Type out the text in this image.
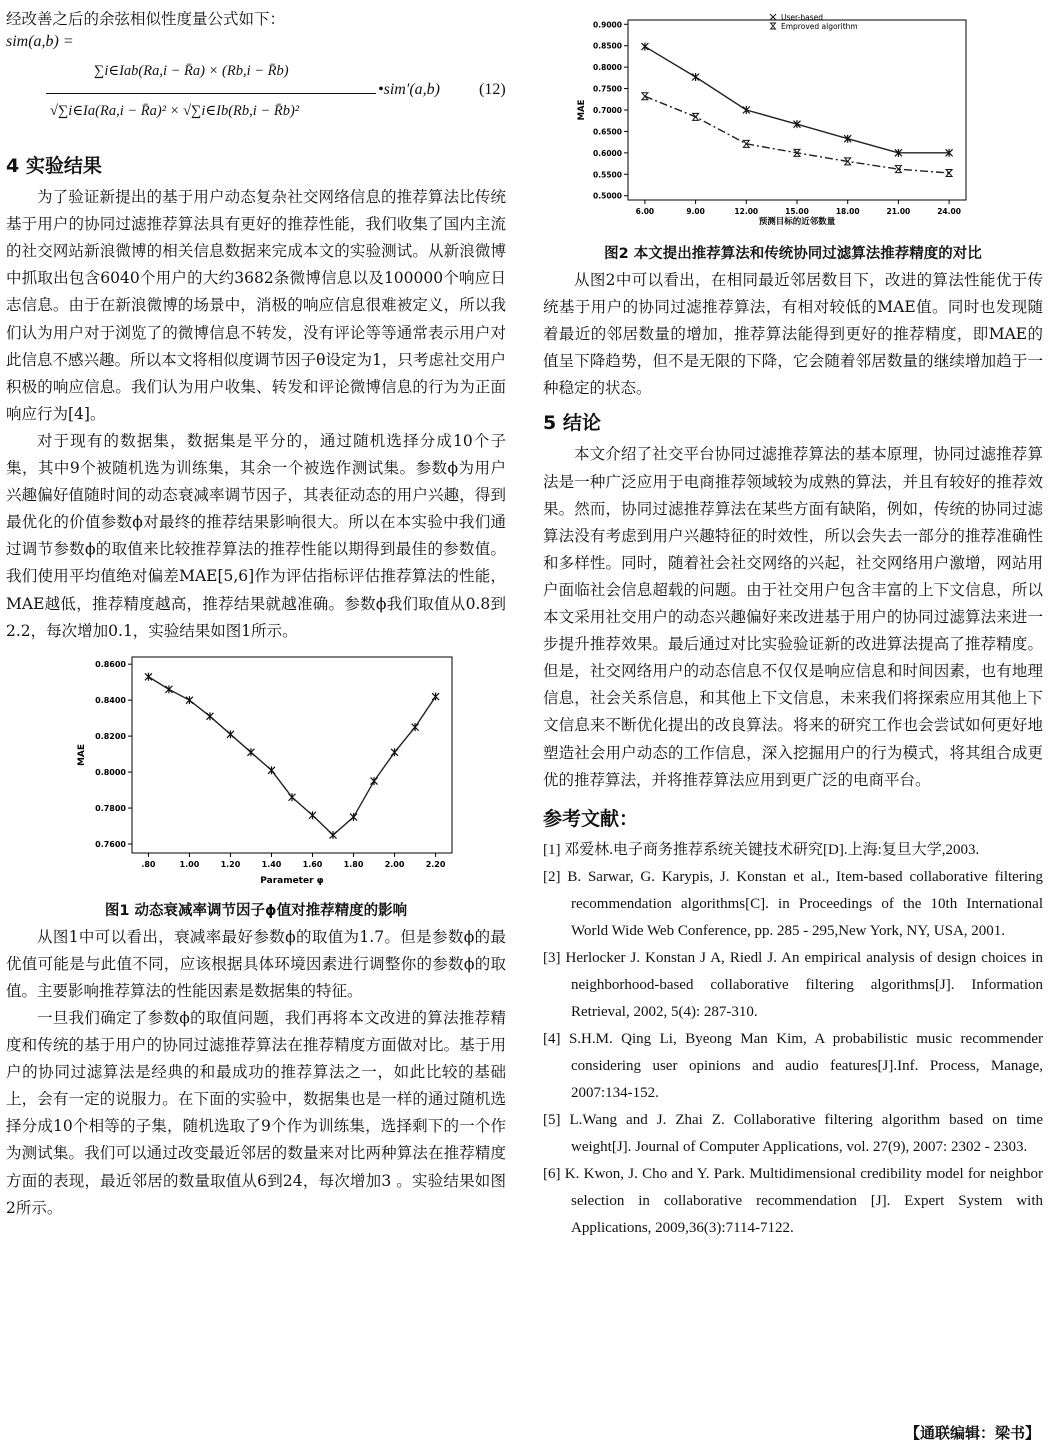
经改善之后的余弦相似性度量公式如下：

sim(a,b) =
∑i∈Iab(Ra,i − R̄a) × (Rb,i − R̄b)
√∑i∈Ia(Ra,i − R̄a)² × √∑i∈Ib(Rb,i − R̄b)²
•sim′(a,b) (12)
4 实验结果

为了验证新提出的基于用户动态复杂社交网络信息的推荐算法比传统基于用户的协同过滤推荐算法具有更好的推荐性能，我们收集了国内主流的社交网站新浪微博的相关信息数据来完成本文的实验测试。从新浪微博中抓取出包含6040个用户的大约3682条微博信息以及100000个响应日志信息。由于在新浪微博的场景中，消极的响应信息很难被定义，所以我们认为用户对于浏览了的微博信息不转发，没有评论等等通常表示用户对此信息不感兴趣。所以本文将相似度调节因子θ设定为1，只考虑社交用户积极的响应信息。我们认为用户收集、转发和评论微博信息的行为为正面响应行为[4]。

对于现有的数据集，数据集是平分的，通过随机选择分成10个子集，其中9个被随机选为训练集，其余一个被选作测试集。参数ϕ为用户兴趣偏好值随时间的动态衰减率调节因子，其表征动态的用户兴趣，得到最优化的价值参数ϕ对最终的推荐结果影响很大。所以在本实验中我们通过调节参数ϕ的取值来比较推荐算法的推荐性能以期得到最佳的参数值。我们使用平均值绝对偏差MAE[5,6]作为评估指标评估推荐算法的性能，MAE越低，推荐精度越高，推荐结果就越准确。参数ϕ我们取值从0.8到2.2，每次增加0.1，实验结果如图1所示。

.80	1.00	1.20	1.40	1.60	1.80	2.00	2.20
0.7600
0.7800
0.8000
0.8200
0.8400
0.8600
Parameter φ
MAE
图1 动态衰减率调节因子ϕ值对推荐精度的影响

从图1中可以看出，衰减率最好参数ϕ的取值为1.7。但是参数ϕ的最优值可能是与此值不同，应该根据具体环境因素进行调整你的参数ϕ的取值。主要影响推荐算法的性能因素是数据集的特征。

一旦我们确定了参数ϕ的取值问题，我们再将本文改进的算法推荐精度和传统的基于用户的协同过滤推荐算法在推荐精度方面做对比。基于用户的协同过滤算法是经典的和最成功的推荐算法之一，如此比较的基础上，会有一定的说服力。在下面的实验中，数据集也是一样的通过随机选择分成10个相等的子集，随机选取了9个作为训练集，选择剩下的一个作为测试集。我们可以通过改变最近邻居的数量来对比两种算法在推荐精度方面的表现，最近邻居的数量取值从6到24，每次增加3 。实验结果如图2所示。

6.00	9.00	12.00	15.00	18.00	21.00	24.00
0.5000
0.5500
0.6000
0.6500
0.7000
0.7500
0.8000
0.8500
0.9000
预测目标的近邻数量
MAE
User-based
Emproved algorithm
图2 本文提出推荐算法和传统协同过滤算法推荐精度的对比

从图2中可以看出，在相同最近邻居数目下，改进的算法性能优于传统基于用户的协同过滤推荐算法，有相对较低的MAE值。同时也发现随着最近的邻居数量的增加，推荐算法能得到更好的推荐精度，即MAE的值呈下降趋势，但不是无限的下降，它会随着邻居数量的继续增加趋于一种稳定的状态。

5 结论

本文介绍了社交平台协同过滤推荐算法的基本原理，协同过滤推荐算法是一种广泛应用于电商推荐领域较为成熟的算法，并且有较好的推荐效果。然而，协同过滤推荐算法在某些方面有缺陷，例如，传统的协同过滤算法没有考虑到用户兴趣特征的时效性，所以会失去一部分的推荐准确性和多样性。同时，随着社会社交网络的兴起，社交网络用户激增，网站用户面临社会信息超载的问题。由于社交用户包含丰富的上下文信息，所以本文采用社交用户的动态兴趣偏好来改进基于用户的协同过滤算法来进一步提升推荐效果。最后通过对比实验验证新的改进算法提高了推荐精度。但是，社交网络用户的动态信息不仅仅是响应信息和时间因素，也有地理信息，社会关系信息，和其他上下文信息，未来我们将探索应用其他上下文信息来不断优化提出的改良算法。将来的研究工作也会尝试如何更好地塑造社会用户动态的工作信息，深入挖掘用户的行为模式，将其组合成更优的推荐算法，并将推荐算法应用到更广泛的电商平台。

参考文献：

[1] 邓爱林.电子商务推荐系统关键技术研究[D].上海:复旦大学,2003.

[2] B. Sarwar, G. Karypis, J. Konstan et al., Item-based collaborative filtering recommendation algorithms[C]. in Proceedings of the 10th International World Wide Web Conference, pp. 285 - 295,New York, NY, USA, 2001.

[3] Herlocker J. Konstan J A, Riedl J. An empirical analysis of design choices in neighborhood-based collaborative filtering algorithms[J]. Information Retrieval, 2002, 5(4): 287-310.

[4] S.H.M. Qing Li, Byeong Man Kim, A probabilistic music recommender considering user opinions and audio features[J].Inf. Process, Manage, 2007:134-152.

[5] L.Wang and J. Zhai Z. Collaborative filtering algorithm based on time weight[J]. Journal of Computer Applications, vol. 27(9), 2007: 2302 - 2303.

[6] K. Kwon, J. Cho and Y. Park. Multidimensional credibility model for neighbor selection in collaborative recommendation [J]. Expert System with Applications, 2009,36(3):7114-7122.

【通联编辑：梁书】
